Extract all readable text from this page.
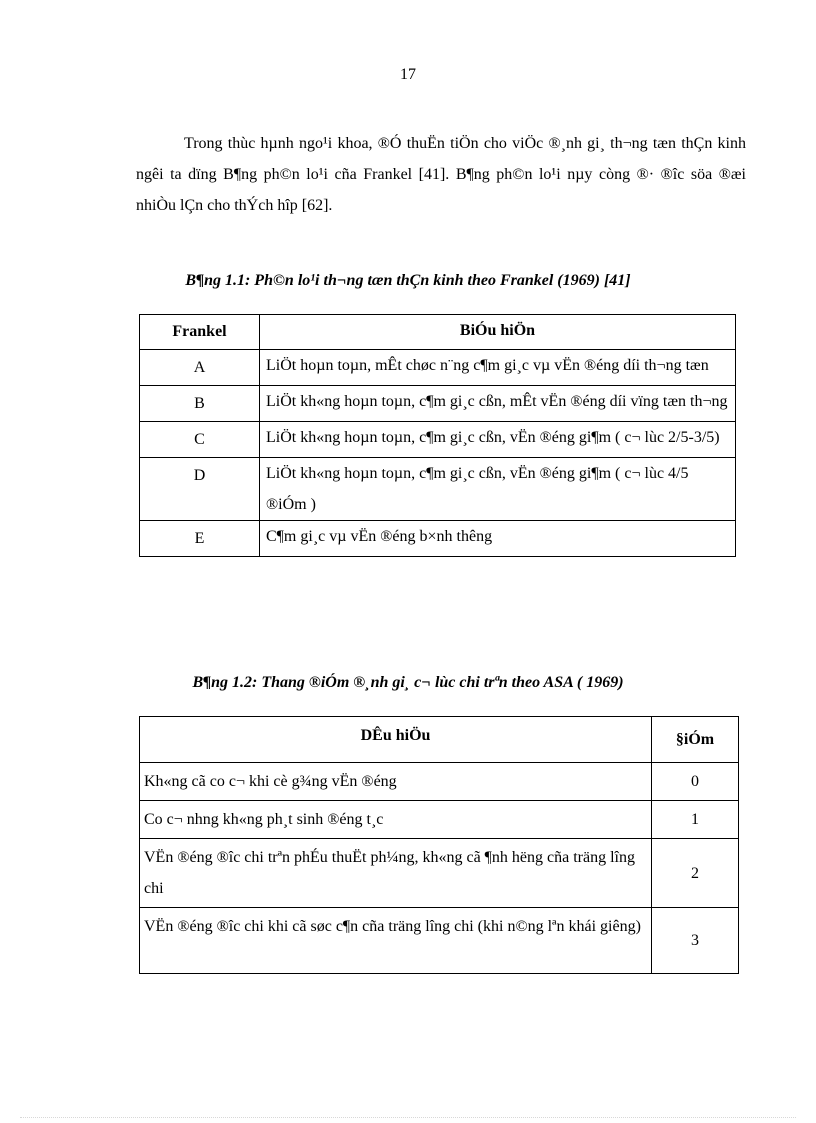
17

Trong thùc hµnh ngo¹i khoa, ®Ó thuËn tiÖn cho viÖc ®¸nh gi¸ th¬ng tæn thÇn kinh ngêi ta dïng B¶ng ph©n lo¹i cña Frankel [41]. B¶ng ph©n lo¹i nµy còng ®· ®îc söa ®æi nhiÒu lÇn cho thÝch hîp [62].

B¶ng 1.1: Ph©n lo¹i th¬ng tæn thÇn kinh theo Frankel (1969) [41]

Frankel	BiÓu hiÖn
A	LiÖt hoµn toµn, mÊt chøc n¨ng c¶m gi¸c vµ vËn ®éng díi th¬ng tæn
B	LiÖt kh«ng hoµn toµn, c¶m gi¸c cßn, mÊt vËn ®éng díi vïng tæn th¬ng
C	LiÖt kh«ng hoµn toµn, c¶m gi¸c cßn, vËn ®éng gi¶m ( c¬ lùc 2/5-3/5)
D	LiÖt kh«ng hoµn toµn, c¶m gi¸c cßn, vËn ®éng gi¶m ( c¬ lùc 4/5 ®iÓm )
E	C¶m gi¸c vµ vËn ®éng b×nh thêng

B¶ng 1.2: Thang ®iÓm ®¸nh gi¸ c¬ lùc chi trªn theo ASA ( 1969)

DÊu hiÖu	§iÓm
Kh«ng cã co c¬ khi cè g¾ng vËn ®éng	0
Co c¬ nhng kh«ng ph¸t sinh ®éng t¸c	1
VËn ®éng ®îc chi trªn phÉu thuËt ph¼ng, kh«ng cã ¶nh hëng cña träng lîng chi	2
VËn ®éng ®îc chi khi cã søc c¶n cña träng lîng chi (khi n©ng lªn khái giêng)	3
